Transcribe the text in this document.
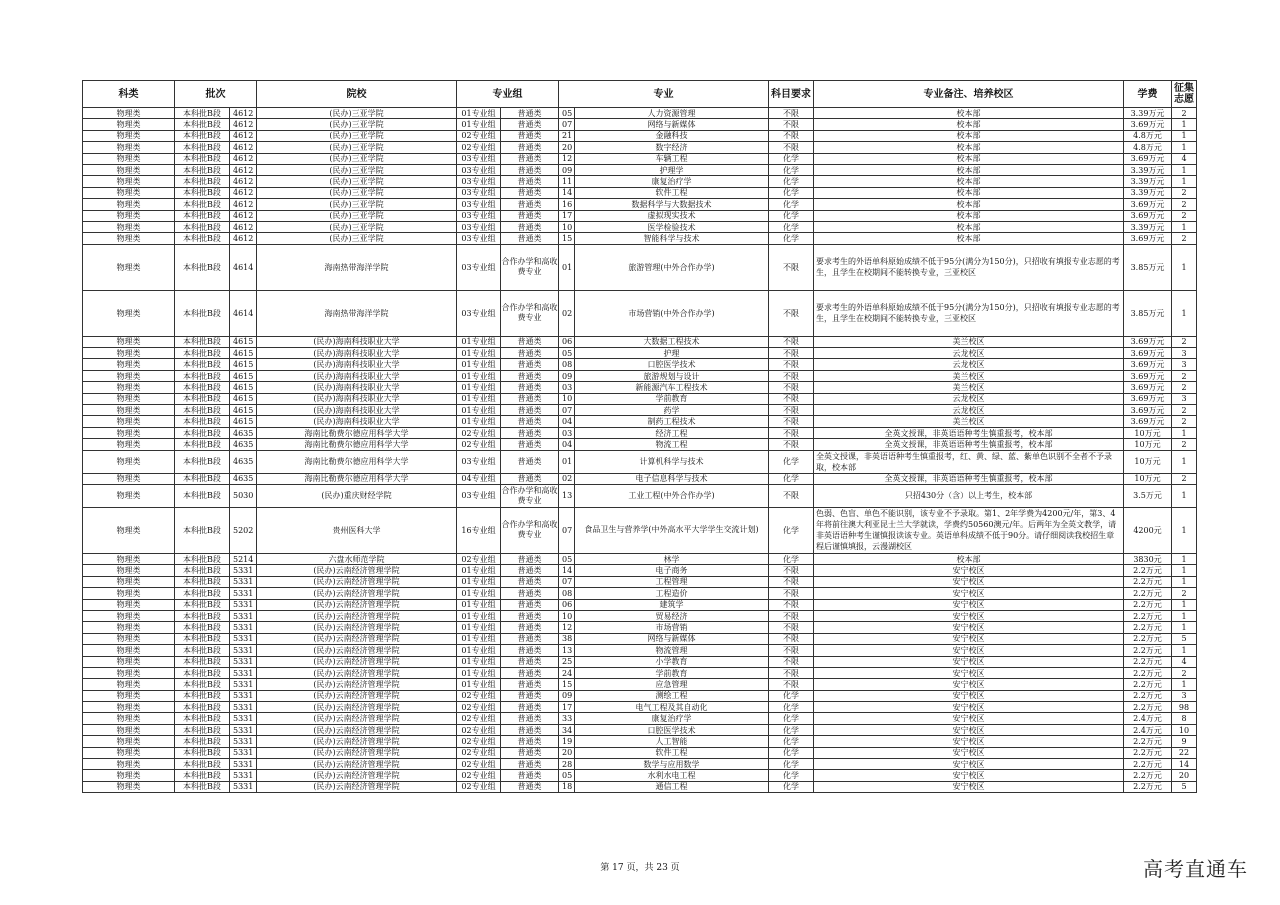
科类	批次		院校	专业组		专业		科目要求	专业备注、培养校区	学费	征集志愿
物理类	本科批B段	4612	(民办)三亚学院	01专业组	普通类	05	人力资源管理	不限	校本部	3.39万元	2
物理类	本科批B段	4612	(民办)三亚学院	01专业组	普通类	07	网络与新媒体	不限	校本部	3.69万元	1
物理类	本科批B段	4612	(民办)三亚学院	02专业组	普通类	21	金融科技	不限	校本部	4.8万元	1
物理类	本科批B段	4612	(民办)三亚学院	02专业组	普通类	20	数字经济	不限	校本部	4.8万元	1
物理类	本科批B段	4612	(民办)三亚学院	03专业组	普通类	12	车辆工程	化学	校本部	3.69万元	4
物理类	本科批B段	4612	(民办)三亚学院	03专业组	普通类	09	护理学	化学	校本部	3.39万元	1
物理类	本科批B段	4612	(民办)三亚学院	03专业组	普通类	11	康复治疗学	化学	校本部	3.39万元	1
物理类	本科批B段	4612	(民办)三亚学院	03专业组	普通类	14	软件工程	化学	校本部	3.39万元	2
物理类	本科批B段	4612	(民办)三亚学院	03专业组	普通类	16	数据科学与大数据技术	化学	校本部	3.69万元	2
物理类	本科批B段	4612	(民办)三亚学院	03专业组	普通类	17	虚拟现实技术	化学	校本部	3.69万元	2
物理类	本科批B段	4612	(民办)三亚学院	03专业组	普通类	10	医学检验技术	化学	校本部	3.39万元	1
物理类	本科批B段	4612	(民办)三亚学院	03专业组	普通类	15	智能科学与技术	化学	校本部	3.69万元	2
物理类	本科批B段	4614	海南热带海洋学院	03专业组	合作办学和高收费专业	01	旅游管理(中外合作办学)	不限	要求考生的外语单科原始成绩不低于95分(满分为150分)，只招收有填报专业志愿的考生，且学生在校期间不能转换专业，三亚校区	3.85万元	1
物理类	本科批B段	4614	海南热带海洋学院	03专业组	合作办学和高收费专业	02	市场营销(中外合作办学)	不限	要求考生的外语单科原始成绩不低于95分(满分为150分)，只招收有填报专业志愿的考生，且学生在校期间不能转换专业，三亚校区	3.85万元	1
物理类	本科批B段	4615	(民办)海南科技职业大学	01专业组	普通类	06	大数据工程技术	不限	美兰校区	3.69万元	2
物理类	本科批B段	4615	(民办)海南科技职业大学	01专业组	普通类	05	护理	不限	云龙校区	3.69万元	3
物理类	本科批B段	4615	(民办)海南科技职业大学	01专业组	普通类	08	口腔医学技术	不限	云龙校区	3.69万元	3
物理类	本科批B段	4615	(民办)海南科技职业大学	01专业组	普通类	09	旅游规划与设计	不限	美兰校区	3.69万元	2
物理类	本科批B段	4615	(民办)海南科技职业大学	01专业组	普通类	03	新能源汽车工程技术	不限	美兰校区	3.69万元	2
物理类	本科批B段	4615	(民办)海南科技职业大学	01专业组	普通类	10	学前教育	不限	云龙校区	3.69万元	3
物理类	本科批B段	4615	(民办)海南科技职业大学	01专业组	普通类	07	药学	不限	云龙校区	3.69万元	2
物理类	本科批B段	4615	(民办)海南科技职业大学	01专业组	普通类	04	制药工程技术	不限	美兰校区	3.69万元	2
物理类	本科批B段	4635	海南比勒费尔德应用科学大学	02专业组	普通类	03	经济工程	不限	全英文授课，非英语语种考生慎重报考，校本部	10万元	1
物理类	本科批B段	4635	海南比勒费尔德应用科学大学	02专业组	普通类	04	物流工程	不限	全英文授课，非英语语种考生慎重报考，校本部	10万元	2
物理类	本科批B段	4635	海南比勒费尔德应用科学大学	03专业组	普通类	01	计算机科学与技术	化学	全英文授课，非英语语种考生慎重报考，红、黄、绿、蓝、紫单色识别不全者不予录取，校本部	10万元	1
物理类	本科批B段	4635	海南比勒费尔德应用科学大学	04专业组	普通类	02	电子信息科学与技术	化学	全英文授课，非英语语种考生慎重报考，校本部	10万元	2
物理类	本科批B段	5030	(民办)重庆财经学院	03专业组	合作办学和高收费专业	13	工业工程(中外合作办学)	不限	只招430分（含）以上考生，校本部	3.5万元	1
物理类	本科批B段	5202	贵州医科大学	16专业组	合作办学和高收费专业	07	食品卫生与营养学(中外高水平大学学生交流计划)	化学	色弱、色盲、单色不能识别，该专业不予录取。第1、2年学费为4200元/年，第3、4年将前往澳大利亚昆士兰大学就读，学费约50560澳元/年。后两年为全英文教学，请非英语语种考生谨慎报读该专业。英语单科成绩不低于90分。请仔细阅读我校招生章程后谨慎填报，云漫湖校区	4200元	1
物理类	本科批B段	5214	六盘水师范学院	02专业组	普通类	05	林学	化学	校本部	3830元	1
物理类	本科批B段	5331	(民办)云南经济管理学院	01专业组	普通类	14	电子商务	不限	安宁校区	2.2万元	1
物理类	本科批B段	5331	(民办)云南经济管理学院	01专业组	普通类	07	工程管理	不限	安宁校区	2.2万元	1
物理类	本科批B段	5331	(民办)云南经济管理学院	01专业组	普通类	08	工程造价	不限	安宁校区	2.2万元	2
物理类	本科批B段	5331	(民办)云南经济管理学院	01专业组	普通类	06	建筑学	不限	安宁校区	2.2万元	1
物理类	本科批B段	5331	(民办)云南经济管理学院	01专业组	普通类	10	贸易经济	不限	安宁校区	2.2万元	1
物理类	本科批B段	5331	(民办)云南经济管理学院	01专业组	普通类	12	市场营销	不限	安宁校区	2.2万元	1
物理类	本科批B段	5331	(民办)云南经济管理学院	01专业组	普通类	38	网络与新媒体	不限	安宁校区	2.2万元	5
物理类	本科批B段	5331	(民办)云南经济管理学院	01专业组	普通类	13	物流管理	不限	安宁校区	2.2万元	1
物理类	本科批B段	5331	(民办)云南经济管理学院	01专业组	普通类	25	小学教育	不限	安宁校区	2.2万元	4
物理类	本科批B段	5331	(民办)云南经济管理学院	01专业组	普通类	24	学前教育	不限	安宁校区	2.2万元	2
物理类	本科批B段	5331	(民办)云南经济管理学院	01专业组	普通类	15	应急管理	不限	安宁校区	2.2万元	1
物理类	本科批B段	5331	(民办)云南经济管理学院	02专业组	普通类	09	测绘工程	化学	安宁校区	2.2万元	3
物理类	本科批B段	5331	(民办)云南经济管理学院	02专业组	普通类	17	电气工程及其自动化	化学	安宁校区	2.2万元	98
物理类	本科批B段	5331	(民办)云南经济管理学院	02专业组	普通类	33	康复治疗学	化学	安宁校区	2.4万元	8
物理类	本科批B段	5331	(民办)云南经济管理学院	02专业组	普通类	34	口腔医学技术	化学	安宁校区	2.4万元	10
物理类	本科批B段	5331	(民办)云南经济管理学院	02专业组	普通类	19	人工智能	化学	安宁校区	2.2万元	9
物理类	本科批B段	5331	(民办)云南经济管理学院	02专业组	普通类	20	软件工程	化学	安宁校区	2.2万元	22
物理类	本科批B段	5331	(民办)云南经济管理学院	02专业组	普通类	28	数学与应用数学	化学	安宁校区	2.2万元	14
物理类	本科批B段	5331	(民办)云南经济管理学院	02专业组	普通类	05	水利水电工程	化学	安宁校区	2.2万元	20
物理类	本科批B段	5331	(民办)云南经济管理学院	02专业组	普通类	18	通信工程	化学	安宁校区	2.2万元	5
第 17 页，共 23 页	高考直通车
